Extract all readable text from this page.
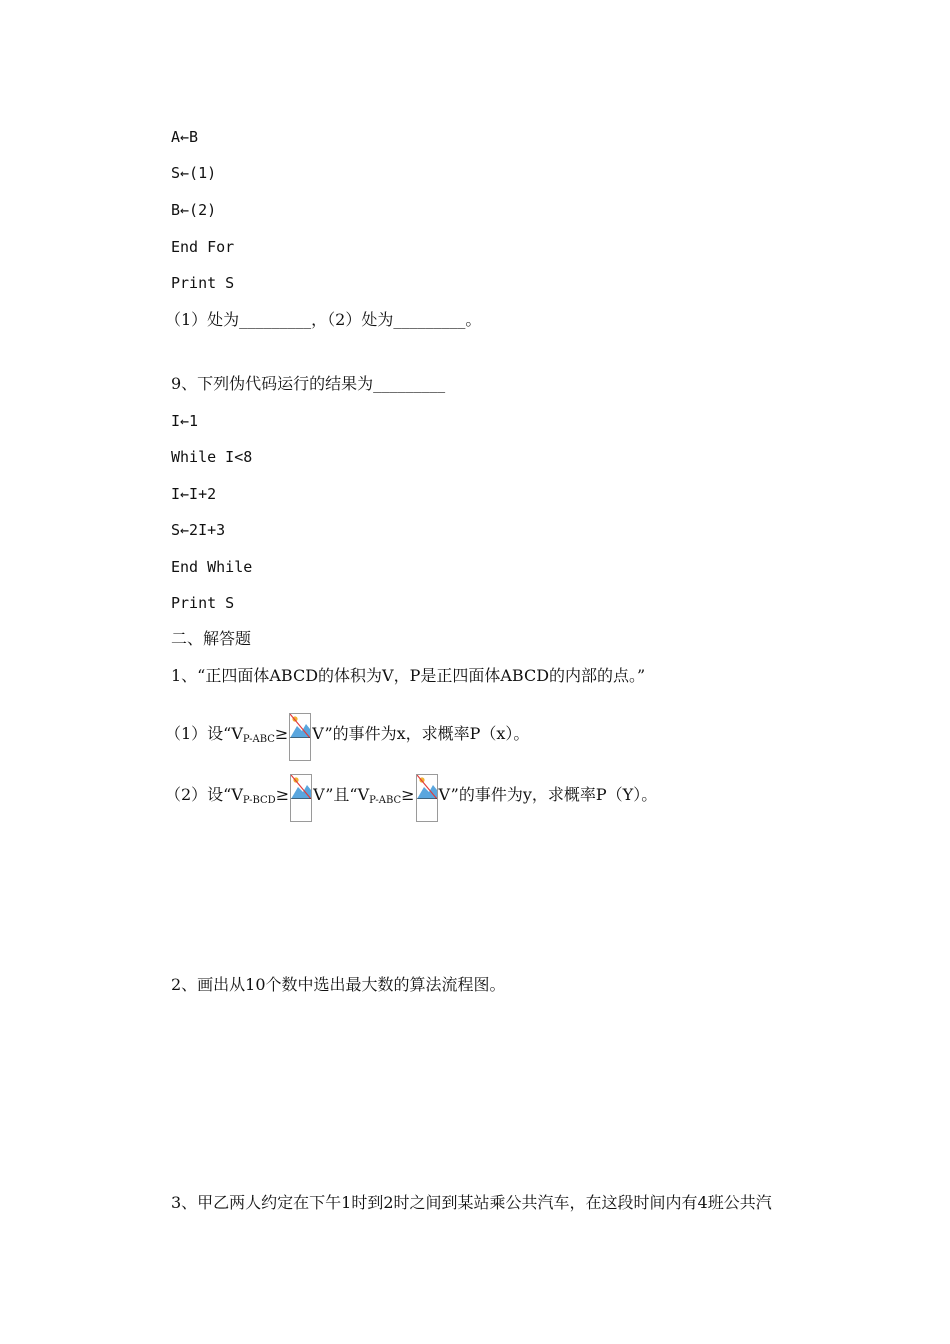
A←B
S←(1)
B←(2)
End For
Print S
（1）处为_________，（2）处为_________。
9、下列伪代码运行的结果为_________
I←1
While I<8
I←I+2
S←2I+3
End While
Print S
二、解答题
1、“正四面体ABCD的体积为V，P是正四面体ABCD的内部的点。”
（1）设“VP-ABC≥ V”的事件为x，求概率P（x）。
（2）设“VP-BCD≥ V”且“VP-ABC≥ V”的事件为y，求概率P（Y）。
2、画出从10个数中选出最大数的算法流程图。
3、甲乙两人约定在下午1时到2时之间到某站乘公共汽车，在这段时间内有4班公共汽
